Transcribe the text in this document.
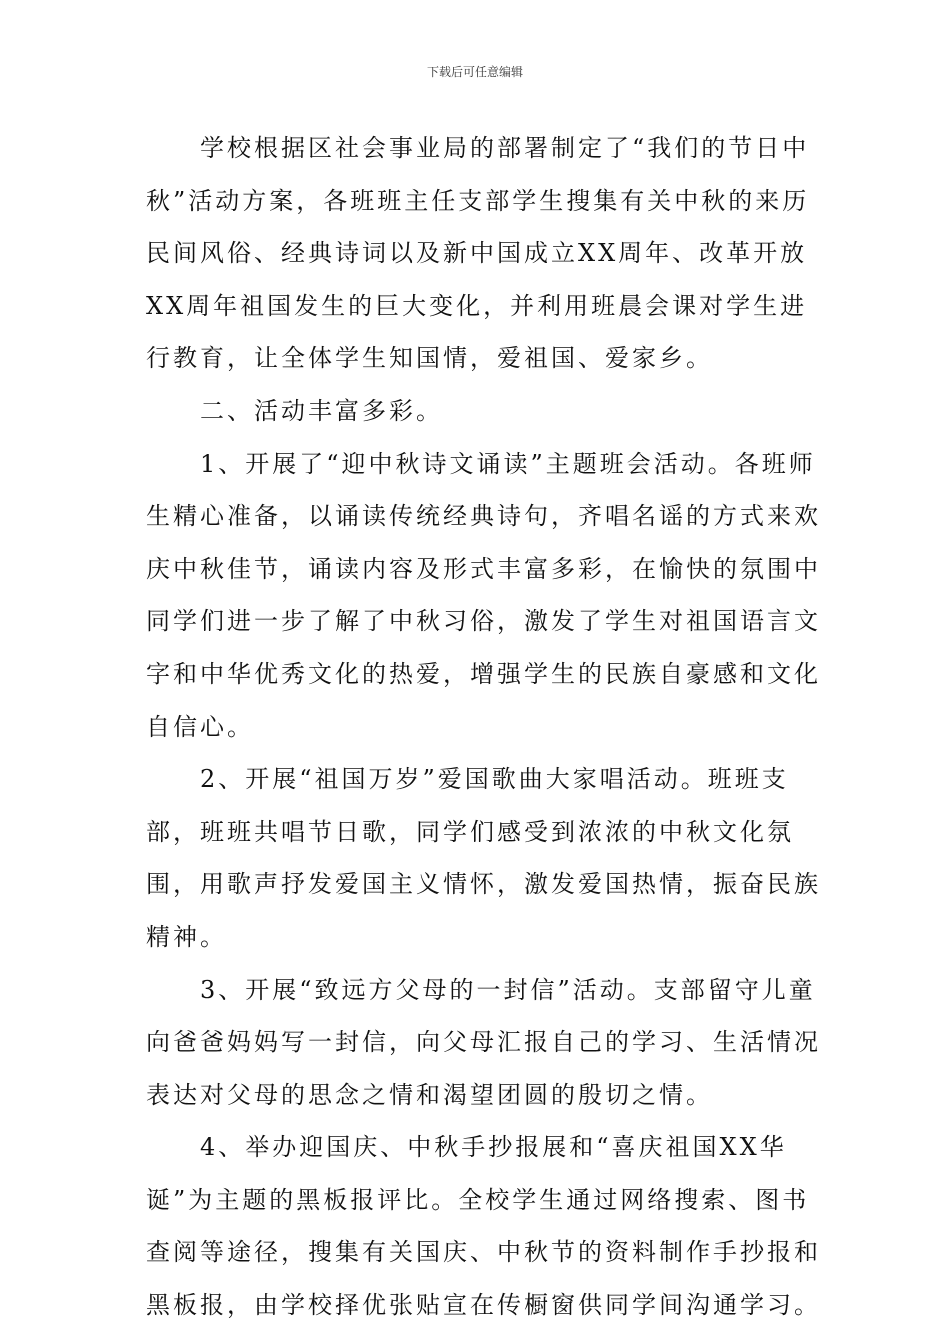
下载后可任意编辑

学校根据区社会事业局的部署制定了“我们的节日中秋”活动方案，各班班主任支部学生搜集有关中秋的来历民间风俗、经典诗词以及新中国成立XX周年、改革开放XX周年祖国发生的巨大变化，并利用班晨会课对学生进行教育，让全体学生知国情，爱祖国、爱家乡。

二、活动丰富多彩。

1、开展了“迎中秋诗文诵读”主题班会活动。各班师生精心准备，以诵读传统经典诗句，齐唱名谣的方式来欢庆中秋佳节，诵读内容及形式丰富多彩，在愉快的氛围中同学们进一步了解了中秋习俗，激发了学生对祖国语言文字和中华优秀文化的热爱，增强学生的民族自豪感和文化自信心。

2、开展“祖国万岁”爱国歌曲大家唱活动。班班支部，班班共唱节日歌，同学们感受到浓浓的中秋文化氛围，用歌声抒发爱国主义情怀，激发爱国热情，振奋民族精神。

3、开展“致远方父母的一封信”活动。支部留守儿童向爸爸妈妈写一封信，向父母汇报自己的学习、生活情况表达对父母的思念之情和渴望团圆的殷切之情。

4、举办迎国庆、中秋手抄报展和“喜庆祖国XX华诞”为主题的黑板报评比。全校学生通过网络搜索、图书查阅等途径，搜集有关国庆、中秋节的资料制作手抄报和黑板报，由学校择优张贴宣在传橱窗供同学间沟通学习。
